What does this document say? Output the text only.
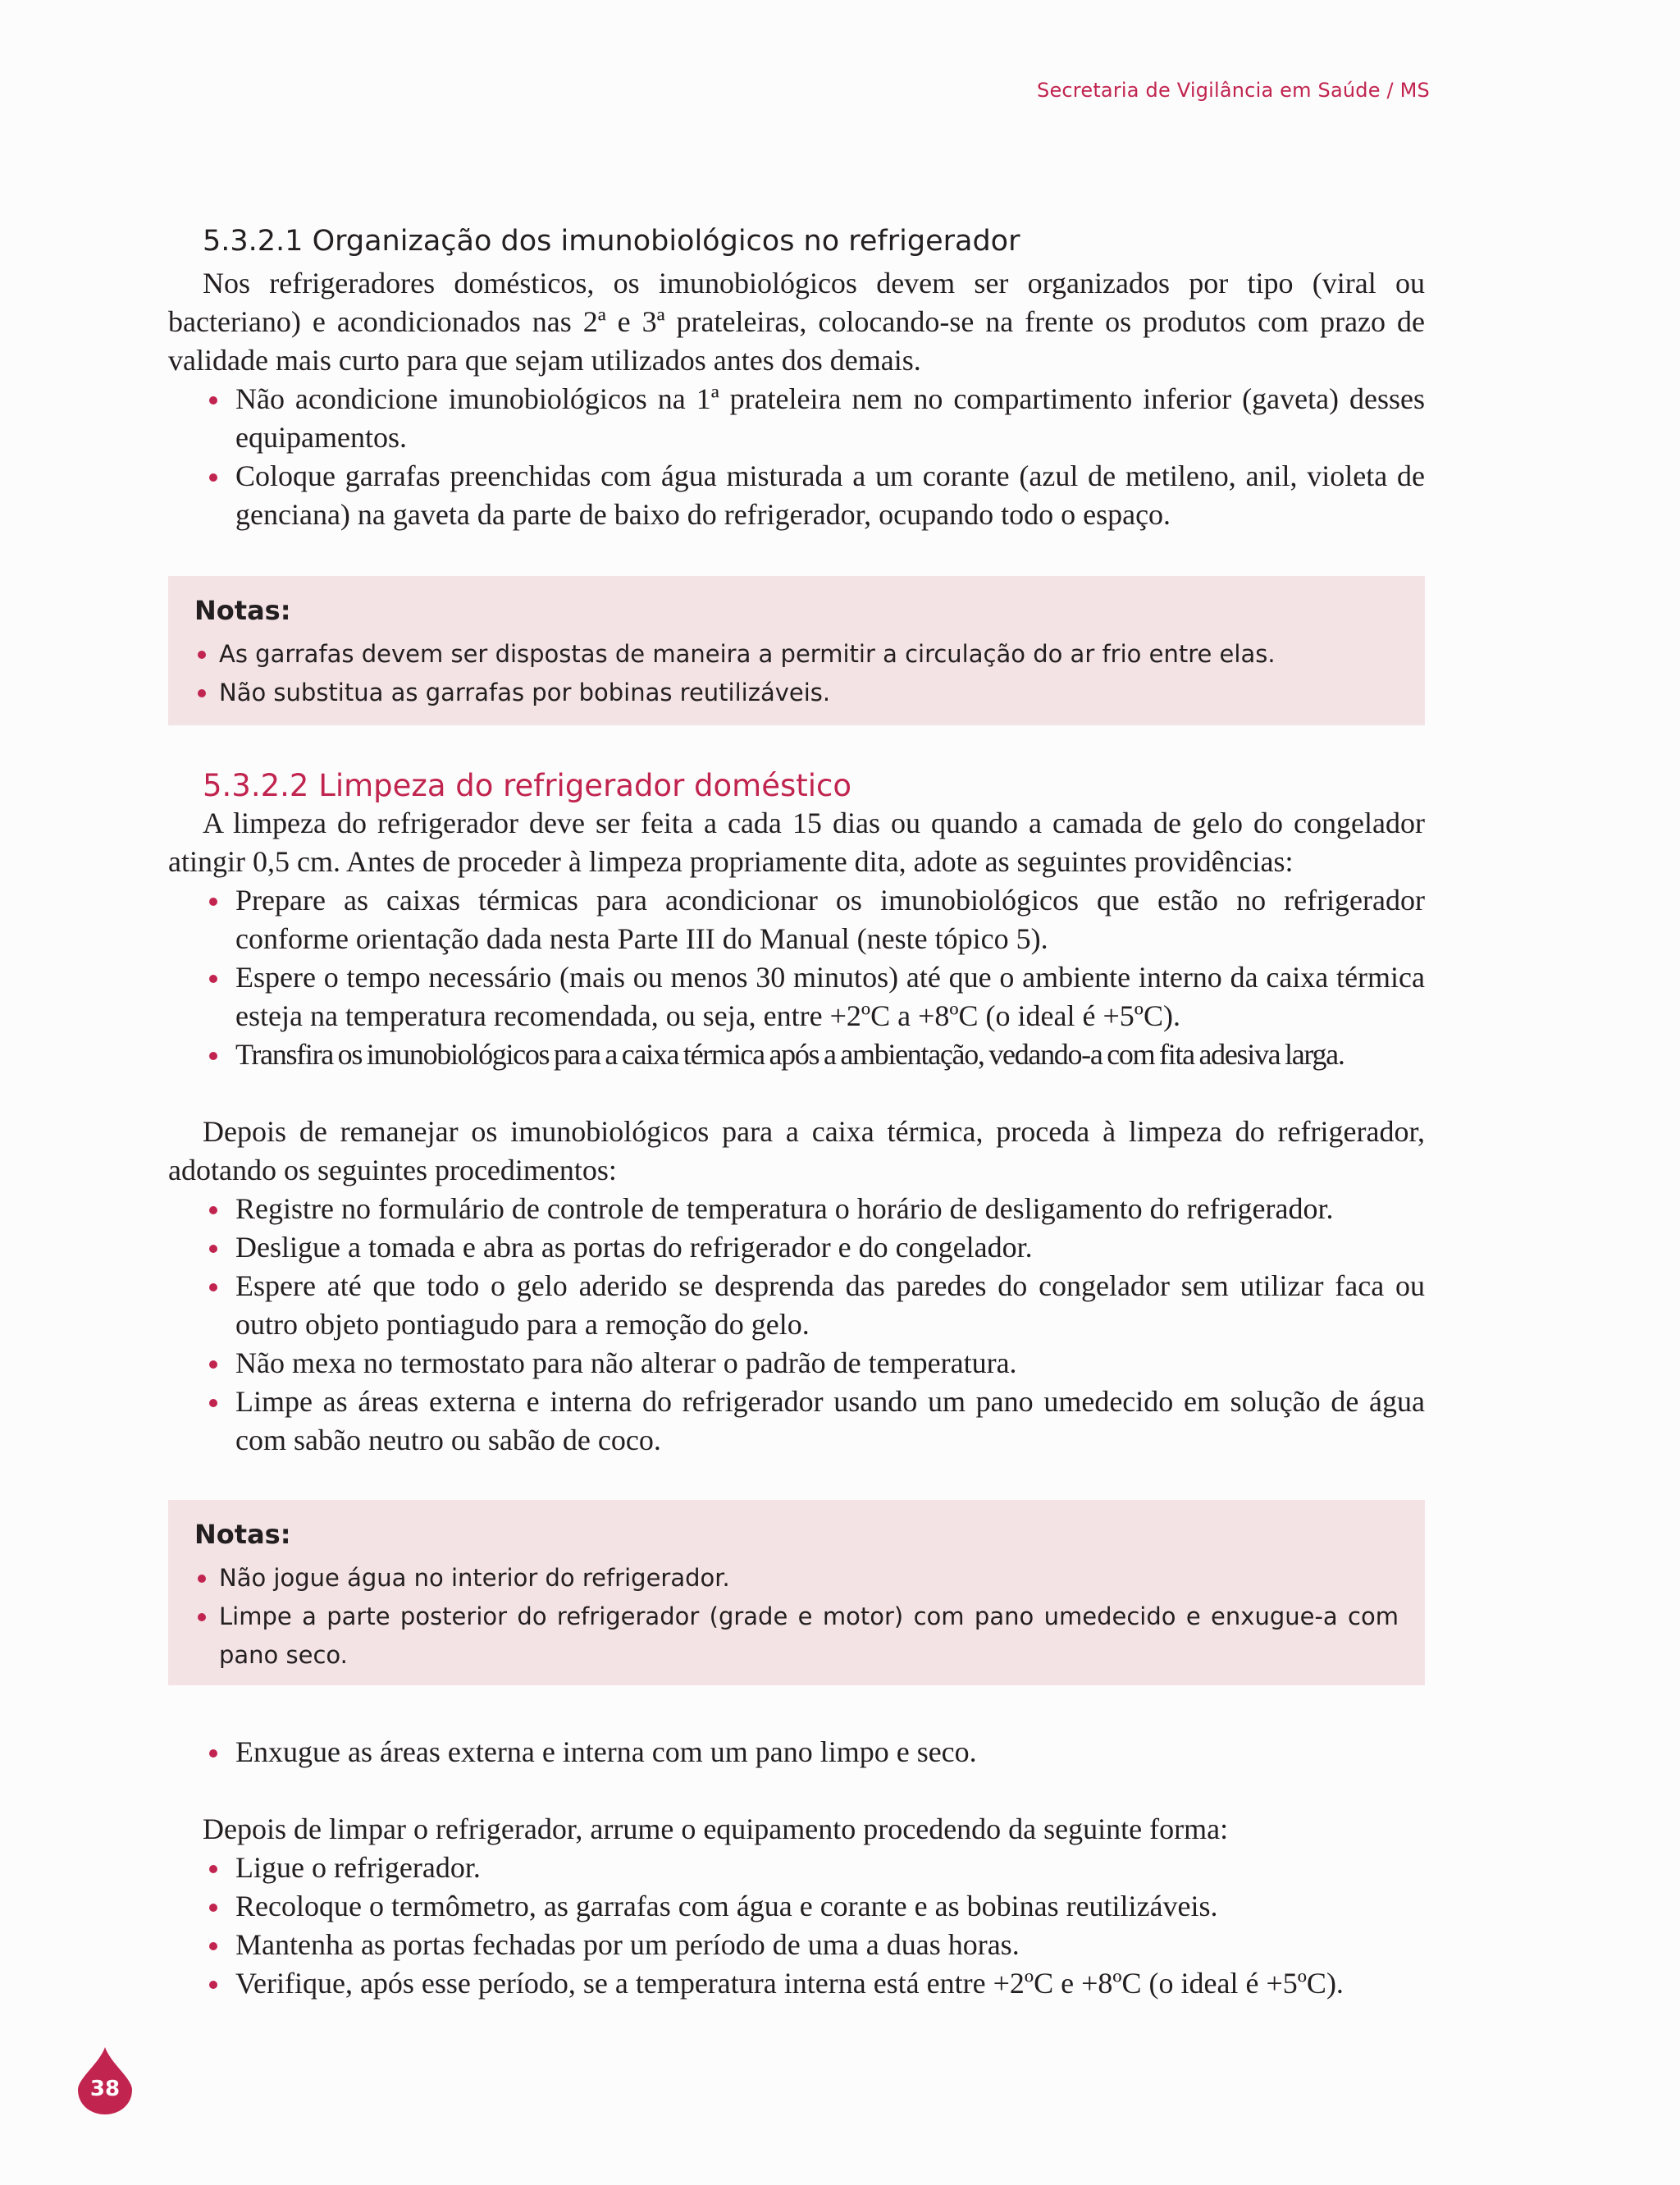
Secretaria de Vigilância em Saúde / MS
5.3.2.1 Organização dos imunobiológicos no refrigerador

Nos refrigeradores domésticos, os imunobiológicos devem ser organizados por tipo (viral ou bacteriano) e acondicionados nas 2ª e 3ª prateleiras, colocando-se na frente os produtos com prazo de validade mais curto para que sejam utilizados antes dos demais.

Não acondicione imunobiológicos na 1ª prateleira nem no compartimento inferior (gaveta) desses equipamentos.
Coloque garrafas preenchidas com água misturada a um corante (azul de metileno, anil, violeta de genciana) na gaveta da parte de baixo do refrigerador, ocupando todo o espaço.
Notas:
As garrafas devem ser dispostas de maneira a permitir a circulação do ar frio entre elas.
Não substitua as garrafas por bobinas reutilizáveis.
5.3.2.2 Limpeza do refrigerador doméstico

A limpeza do refrigerador deve ser feita a cada 15 dias ou quando a camada de gelo do congelador atingir 0,5 cm. Antes de proceder à limpeza propriamente dita, adote as seguintes providências:

Prepare as caixas térmicas para acondicionar os imunobiológicos que estão no refrigerador conforme orientação dada nesta Parte III do Manual (neste tópico 5).
Espere o tempo necessário (mais ou menos 30 minutos) até que o ambiente interno da caixa térmica esteja na temperatura recomendada, ou seja, entre +2ºC a +8ºC (o ideal é +5ºC).
Transfira os imunobiológicos para a caixa térmica após a ambientação, vedando-a com fita adesiva larga.

Depois de remanejar os imunobiológicos para a caixa térmica, proceda à limpeza do refrigerador, adotando os seguintes procedimentos:

Registre no formulário de controle de temperatura o horário de desligamento do refrigerador.
Desligue a tomada e abra as portas do refrigerador e do congelador.
Espere até que todo o gelo aderido se desprenda das paredes do congelador sem utilizar faca ou outro objeto pontiagudo para a remoção do gelo.
Não mexa no termostato para não alterar o padrão de temperatura.
Limpe as áreas externa e interna do refrigerador usando um pano umedecido em solução de água com sabão neutro ou sabão de coco.
Notas:
Não jogue água no interior do refrigerador.
Limpe a parte posterior do refrigerador (grade e motor) com pano umedecido e enxugue-a com pano seco.
Enxugue as áreas externa e interna com um pano limpo e seco.

Depois de limpar o refrigerador, arrume o equipamento procedendo da seguinte forma:

Ligue o refrigerador.
Recoloque o termômetro, as garrafas com água e corante e as bobinas reutilizáveis.
Mantenha as portas fechadas por um período de uma a duas horas.
Verifique, após esse período, se a temperatura interna está entre +2ºC e +8ºC (o ideal é +5ºC).
38
